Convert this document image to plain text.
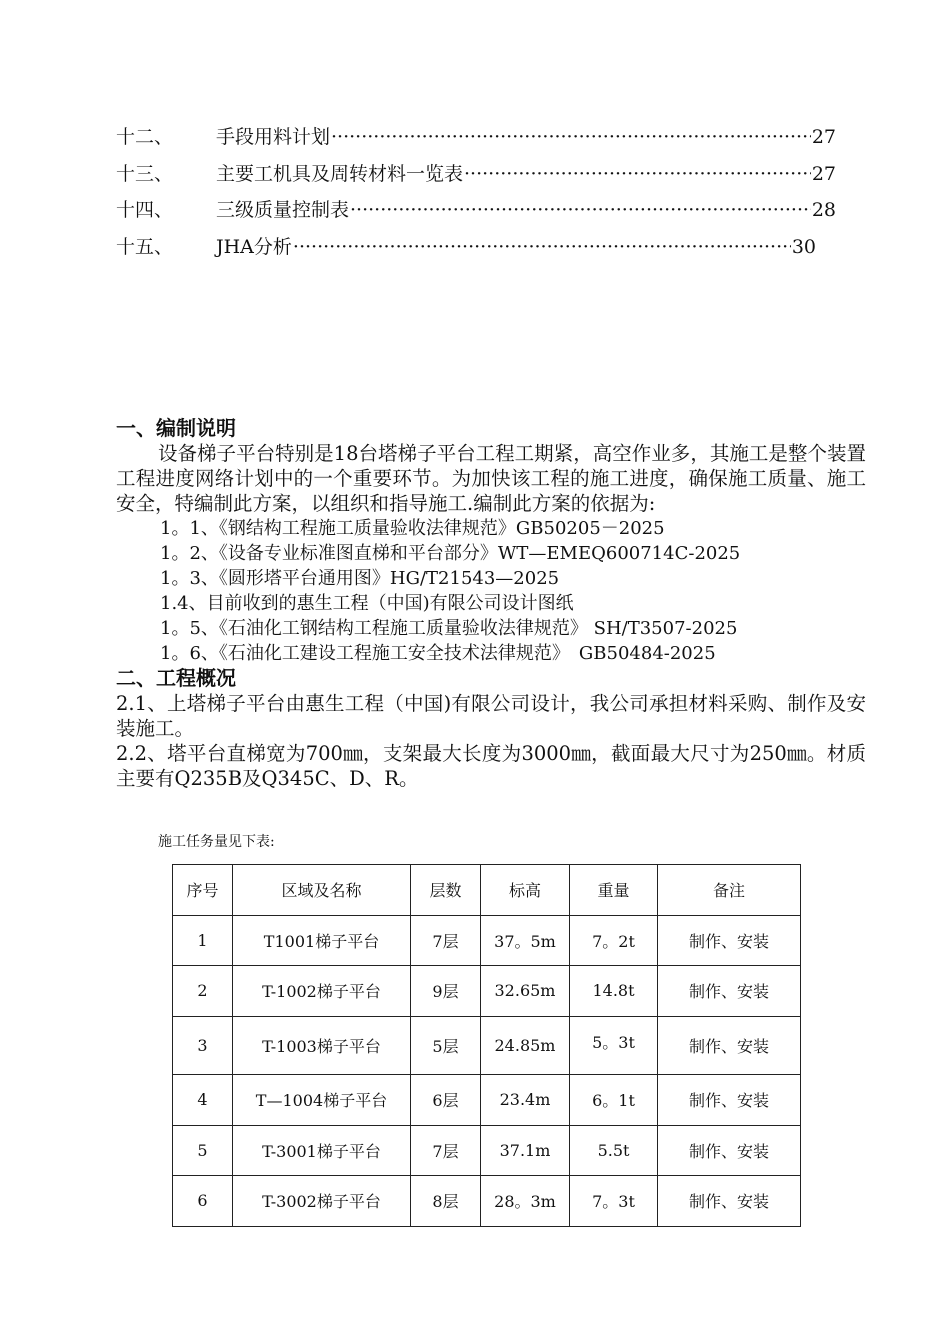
十二、	手段用料计划 ·····	27
十三、	主要工机具及周转材料一览表 ·····	27
十四、	三级质量控制表 ·····	28
十五、	JHA分析 ·····	30
一、编制说明
设备梯子平台特别是18台塔梯子平台工程工期紧，高空作业多，其施工是整个装置工程进度网络计划中的一个重要环节。为加快该工程的施工进度，确保施工质量、施工安全，特编制此方案，以组织和指导施工.编制此方案的依据为:
1。1、《钢结构工程施工质量验收法律规范》GB50205－2025
1。2、《设备专业标准图直梯和平台部分》WT—EMEQ600714C-2025
1。3、《圆形塔平台通用图》HG/T21543—2025
1.4、目前收到的惠生工程（中国)有限公司设计图纸
1。5、《石油化工钢结构工程施工质量验收法律规范》 SH/T3507-2025
1。6、《石油化工建设工程施工安全技术法律规范》　GB50484-2025
二、工程概况
2.1、上塔梯子平台由惠生工程（中国)有限公司设计，我公司承担材料采购、制作及安装施工。
2.2、塔平台直梯宽为700㎜，支架最大长度为3000㎜，截面最大尺寸为250㎜。材质主要有Q235B及Q345C、D、R。
施工任务量见下表:
序号	区域及名称	层数	标高	重量	备注
1	T1001梯子平台	7层	37。5m	7。2t	制作、安装
2	T-1002梯子平台	9层	32.65m	14.8t	制作、安装
3	T-1003梯子平台	5层	24.85m	5。3t	制作、安装
4	T—1004梯子平台	6层	23.4m	6。1t	制作、安装
5	T-3001梯子平台	7层	37.1m	5.5t	制作、安装
6	T-3002梯子平台	8层	28。3m	7。3t	制作、安装
